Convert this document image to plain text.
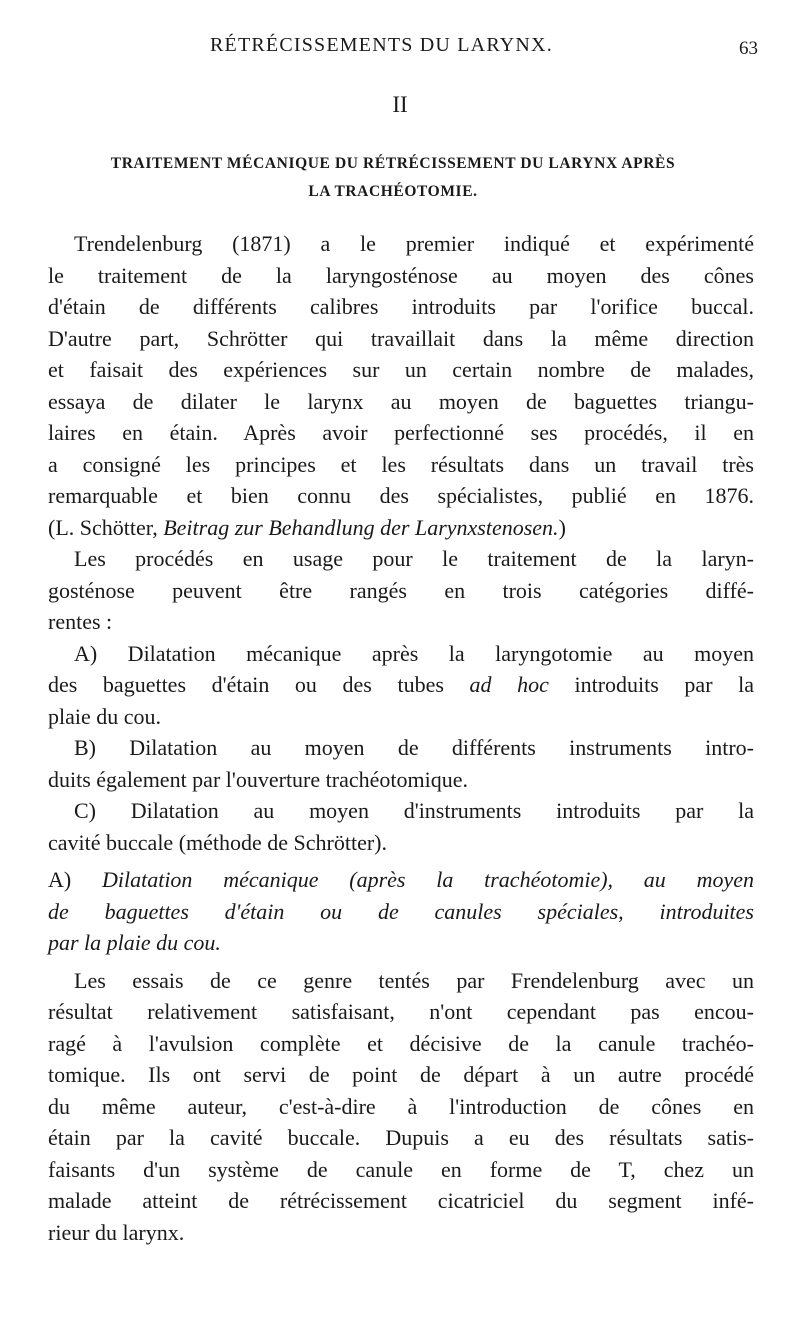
RÉTRÉCISSEMENTS DU LARYNX.	63
II
TRAITEMENT MÉCANIQUE DU RÉTRÉCISSEMENT DU LARYNX APRÈS
LA TRACHÉOTOMIE.
Trendelenburg (1871) a le premier indiqué et expérimenté
le traitement de la laryngosténose au moyen des cônes
d'étain de différents calibres introduits par l'orifice buccal.
D'autre part, Schrötter qui travaillait dans la même direction
et faisait des expériences sur un certain nombre de malades,
essaya de dilater le larynx au moyen de baguettes triangu-
laires en étain. Après avoir perfectionné ses procédés, il en
a consigné les principes et les résultats dans un travail très
remarquable et bien connu des spécialistes, publié en 1876.
(L. Schötter, Beitrag zur Behandlung der Larynxstenosen.)
Les procédés en usage pour le traitement de la laryn-
gosténose peuvent être rangés en trois catégories diffé-
rentes :
A) Dilatation mécanique après la laryngotomie au moyen
des baguettes d'étain ou des tubes ad hoc introduits par la
plaie du cou.
B) Dilatation au moyen de différents instruments intro-
duits également par l'ouverture trachéotomique.
C) Dilatation au moyen d'instruments introduits par la
cavité buccale (méthode de Schrötter).
A) Dilatation mécanique (après la trachéotomie), au moyen
de baguettes d'étain ou de canules spéciales, introduites
par la plaie du cou.
Les essais de ce genre tentés par Frendelenburg avec un
résultat relativement satisfaisant, n'ont cependant pas encou-
ragé à l'avulsion complète et décisive de la canule trachéo-
tomique. Ils ont servi de point de départ à un autre procédé
du même auteur, c'est-à-dire à l'introduction de cônes en
étain par la cavité buccale. Dupuis a eu des résultats satis-
faisants d'un système de canule en forme de T, chez un
malade atteint de rétrécissement cicatriciel du segment infé-
rieur du larynx.
